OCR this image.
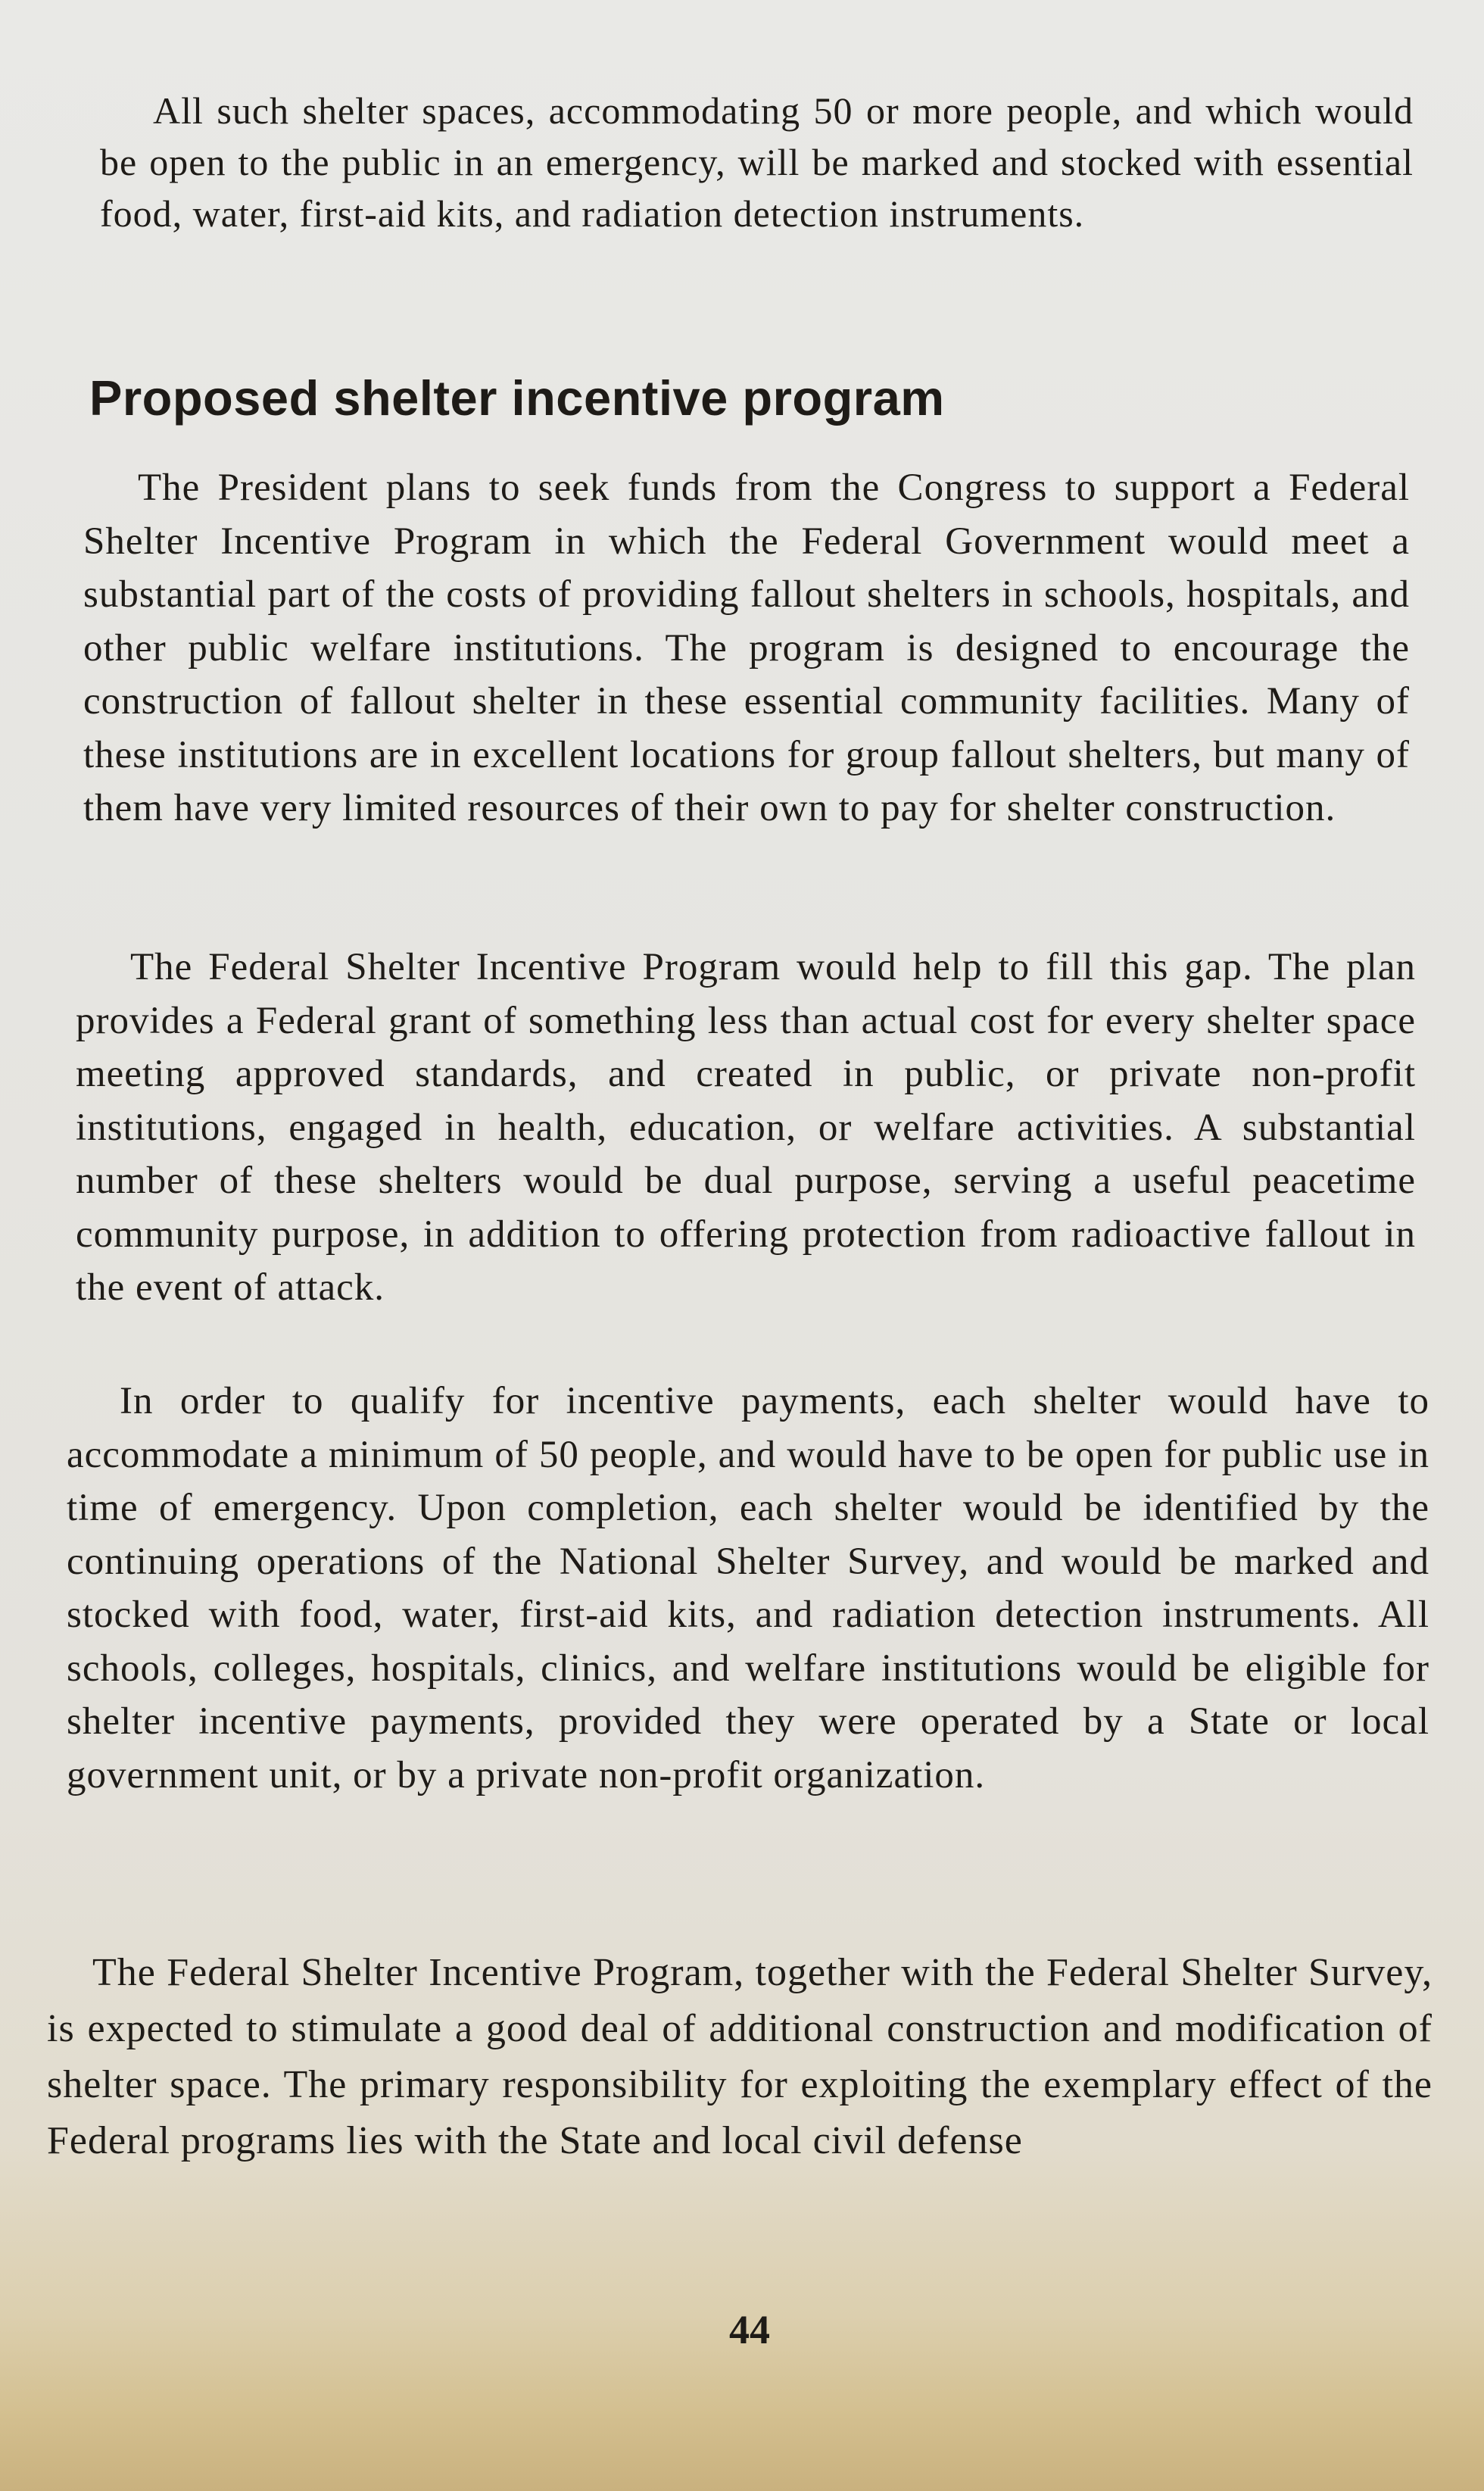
All such shelter spaces, accommodating 50 or more people, and which would be open to the public in an emergency, will be marked and stocked with essential food, water, first-aid kits, and radiation detection instruments.

Proposed shelter incentive program

The President plans to seek funds from the Congress to support a Federal Shelter Incentive Program in which the Federal Government would meet a substantial part of the costs of providing fallout shelters in schools, hospitals, and other public welfare institutions. The program is designed to encourage the construction of fallout shelter in these essential community facilities. Many of these institutions are in excellent locations for group fallout shelters, but many of them have very limited resources of their own to pay for shelter construction.

The Federal Shelter Incentive Program would help to fill this gap. The plan provides a Federal grant of something less than actual cost for every shelter space meeting approved standards, and created in public, or private non-profit institutions, engaged in health, education, or welfare activities. A substantial number of these shelters would be dual purpose, serving a useful peacetime community purpose, in addition to offering protection from radioactive fallout in the event of attack.

In order to qualify for incentive payments, each shelter would have to accommodate a minimum of 50 people, and would have to be open for public use in time of emergency. Upon completion, each shelter would be identified by the continuing operations of the National Shelter Survey, and would be marked and stocked with food, water, first-aid kits, and radiation detection instruments. All schools, colleges, hospitals, clinics, and welfare institutions would be eligible for shelter incentive payments, provided they were operated by a State or local government unit, or by a private non-profit organization.

The Federal Shelter Incentive Program, together with the Federal Shelter Survey, is expected to stimulate a good deal of additional construction and modification of shelter space. The primary responsibility for exploiting the exemplary effect of the Federal programs lies with the State and local civil defense

44
